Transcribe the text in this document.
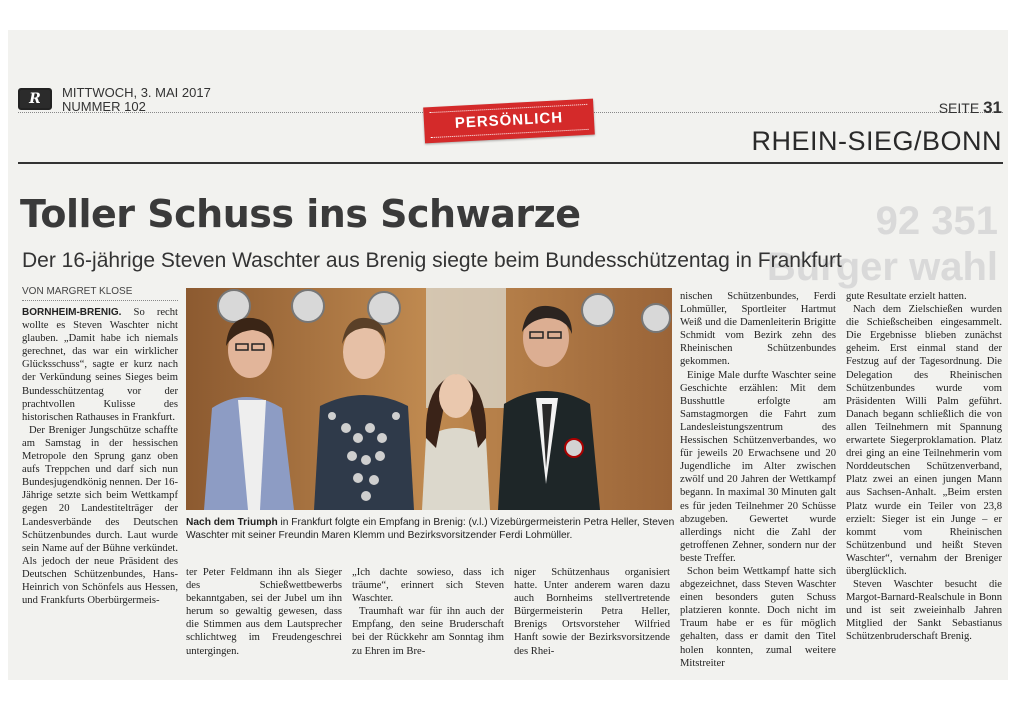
R	MITTWOCH, 3. MAI 2017
NUMMER 102
PERSÖNLICH
SEITE 31
RHEIN-SIEG/BONN
92 351 Bürger wahl
Toller Schuss ins Schwarze
Der 16-jährige Steven Waschter aus Brenig siegte beim Bundesschützentag in Frankfurt
VON MARGRET KLOSE

BORNHEIM-BRENIG. So recht wollte es Steven Waschter nicht glauben. „Damit habe ich niemals gerechnet, das war ein wirklicher Glücksschuss“, sagte er kurz nach der Verkündung seines Sieges beim Bundesschützentag vor der prachtvollen Kulisse des historischen Rathauses in Frankfurt.

Der Breniger Jungschütze schaffte am Samstag in der hessischen Metropole den Sprung ganz oben aufs Treppchen und darf sich nun Bundesjugendkönig nennen. Der 16-Jährige setzte sich beim Wettkampf gegen 20 Landestitelträger der Landesverbände des Deutschen Schützenbundes durch. Laut wurde sein Name auf der Bühne verkündet. Als jedoch der neue Präsident des Deutschen Schützenbundes, Hans-Heinrich von Schönfels aus Hessen, und Frankfurts Oberbürgermeis-

Nach dem Triumph in Frankfurt folgte ein Empfang in Brenig: (v.l.) Vizebürgermeisterin Petra Heller, Steven Waschter mit seiner Freundin Maren Klemm und Bezirksvorsitzender Ferdi Lohmüller.

ter Peter Feldmann ihn als Sieger des Schießwettbewerbs bekanntgaben, sei der Jubel um ihn herum so gewaltig gewesen, dass die Stimmen aus dem Lautsprecher schlichtweg im Freudengeschrei untergingen.

„Ich dachte sowieso, dass ich träume“, erinnert sich Steven Waschter.

Traumhaft war für ihn auch der Empfang, den seine Bruderschaft bei der Rückkehr am Sonntag ihm zu Ehren im Bre-

niger Schützenhaus organisiert hatte. Unter anderem waren dazu auch Bornheims stellvertretende Bürgermeisterin Petra Heller, Brenigs Ortsvorsteher Wilfried Hanft sowie der Bezirksvorsitzende des Rhei-

nischen Schützenbundes, Ferdi Lohmüller, Sportleiter Hartmut Weiß und die Damenleiterin Brigitte Schmidt vom Bezirk zehn des Rheinischen Schützenbundes gekommen.

Einige Male durfte Waschter seine Geschichte erzählen: Mit dem Busshuttle erfolgte am Samstagmorgen die Fahrt zum Landesleistungszentrum des Hessischen Schützenverbandes, wo für jeweils 20 Erwachsene und 20 Jugendliche im Alter zwischen zwölf und 20 Jahren der Wettkampf begann. In maximal 30 Minuten galt es für jeden Teilnehmer 20 Schüsse abzugeben. Gewertet wurde allerdings nicht die Zahl der getroffenen Zehner, sondern nur der beste Treffer.

Schon beim Wettkampf hatte sich abgezeichnet, dass Steven Waschter einen besonders guten Schuss platzieren konnte. Doch nicht im Traum habe er es für möglich gehalten, dass er damit den Titel holen konnten, zumal weitere Mitstreiter

gute Resultate erzielt hatten.

Nach dem Zielschießen wurden die Schießscheiben eingesammelt. Die Ergebnisse blieben zunächst geheim. Erst einmal stand der Festzug auf der Tagesordnung. Die Delegation des Rheinischen Schützenbundes wurde vom Präsidenten Willi Palm geführt. Danach begann schließlich die von allen Teilnehmern mit Spannung erwartete Siegerproklamation. Platz drei ging an eine Teilnehmerin vom Norddeutschen Schützenverband, Platz zwei an einen jungen Mann aus Sachsen-Anhalt. „Beim ersten Platz wurde ein Teiler von 23,8 erzielt: Sieger ist ein Junge – er kommt vom Rheinischen Schützenbund und heißt Steven Waschter“, vernahm der Breniger überglücklich.

Steven Waschter besucht die Margot-Barnard-Realschule in Bonn und ist seit zweieinhalb Jahren Mitglied der Sankt Sebastianus Schützenbruderschaft Brenig.
